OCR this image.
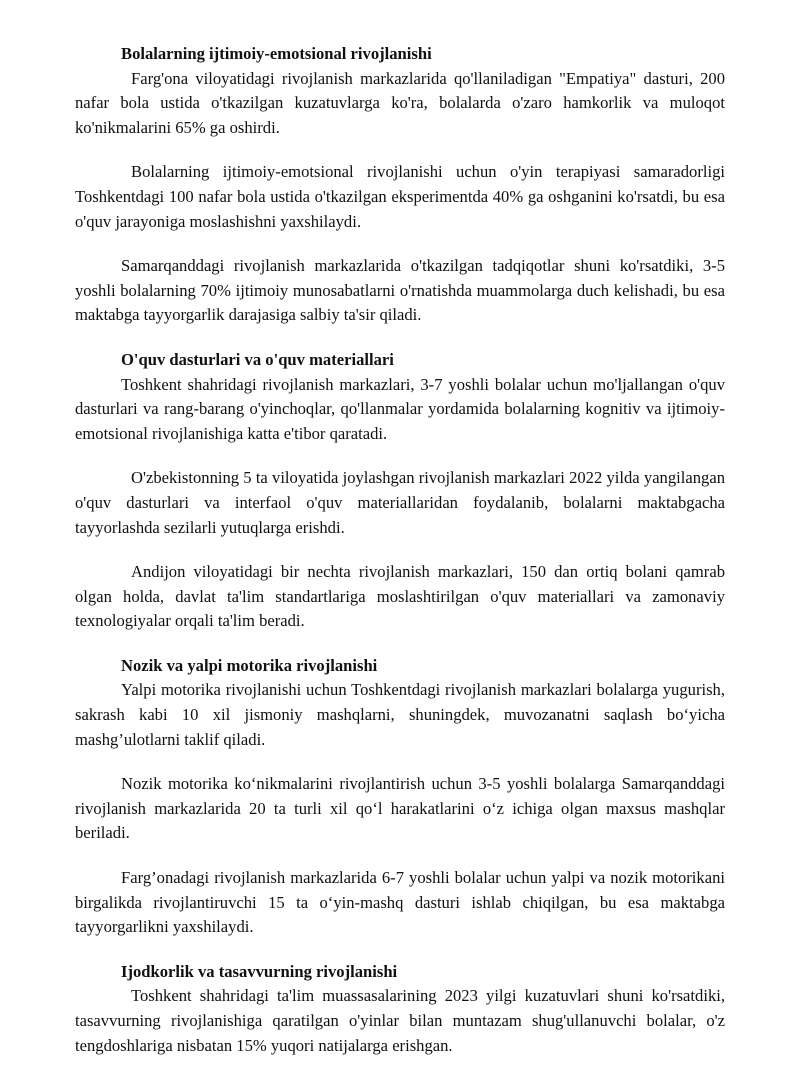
Bolalarning ijtimoiy-emotsional rivojlanishi

Farg'ona viloyatidagi rivojlanish markazlarida qo'llaniladigan "Empatiya" dasturi, 200 nafar bola ustida o'tkazilgan kuzatuvlarga ko'ra, bolalarda o'zaro hamkorlik va muloqot ko'nikmalarini 65% ga oshirdi.

Bolalarning ijtimoiy-emotsional rivojlanishi uchun o'yin terapiyasi samaradorligi Toshkentdagi 100 nafar bola ustida o'tkazilgan eksperimentda 40% ga oshganini ko'rsatdi, bu esa o'quv jarayoniga moslashishni yaxshilaydi.

Samarqanddagi rivojlanish markazlarida o'tkazilgan tadqiqotlar shuni ko'rsatdiki, 3-5 yoshli bolalarning 70% ijtimoiy munosabatlarni o'rnatishda muammolarga duch kelishadi, bu esa maktabga tayyorgarlik darajasiga salbiy ta'sir qiladi.

O'quv dasturlari va o'quv materiallari

Toshkent shahridagi rivojlanish markazlari, 3-7 yoshli bolalar uchun mo'ljallangan o'quv dasturlari va rang-barang o'yinchoqlar, qo'llanmalar yordamida bolalarning kognitiv va ijtimoiy-emotsional rivojlanishiga katta e'tibor qaratadi.

O'zbekistonning 5 ta viloyatida joylashgan rivojlanish markazlari 2022 yilda yangilangan o'quv dasturlari va interfaol o'quv materiallaridan foydalanib, bolalarni maktabgacha tayyorlashda sezilarli yutuqlarga erishdi.

Andijon viloyatidagi bir nechta rivojlanish markazlari, 150 dan ortiq bolani qamrab olgan holda, davlat ta'lim standartlariga moslashtirilgan o'quv materiallari va zamonaviy texnologiyalar orqali ta'lim beradi.

Nozik va yalpi motorika rivojlanishi

Yalpi motorika rivojlanishi uchun Toshkentdagi rivojlanish markazlari bolalarga yugurish, sakrash kabi 10 xil jismoniy mashqlarni, shuningdek, muvozanatni saqlash bo‘yicha mashg’ulotlarni taklif qiladi.

Nozik motorika ko‘nikmalarini rivojlantirish uchun 3-5 yoshli bolalarga Samarqanddagi rivojlanish markazlarida 20 ta turli xil qo‘l harakatlarini o‘z ichiga olgan maxsus mashqlar beriladi.

Farg’onadagi rivojlanish markazlarida 6-7 yoshli bolalar uchun yalpi va nozik motorikani birgalikda rivojlantiruvchi 15 ta o‘yin-mashq dasturi ishlab chiqilgan, bu esa maktabga tayyorgarlikni yaxshilaydi.

Ijodkorlik va tasavvurning rivojlanishi

Toshkent shahridagi ta'lim muassasalarining 2023 yilgi kuzatuvlari shuni ko'rsatdiki, tasavvurning rivojlanishiga qaratilgan o'yinlar bilan muntazam shug'ullanuvchi bolalar, o'z tengdoshlariga nisbatan 15% yuqori natijalarga erishgan.
